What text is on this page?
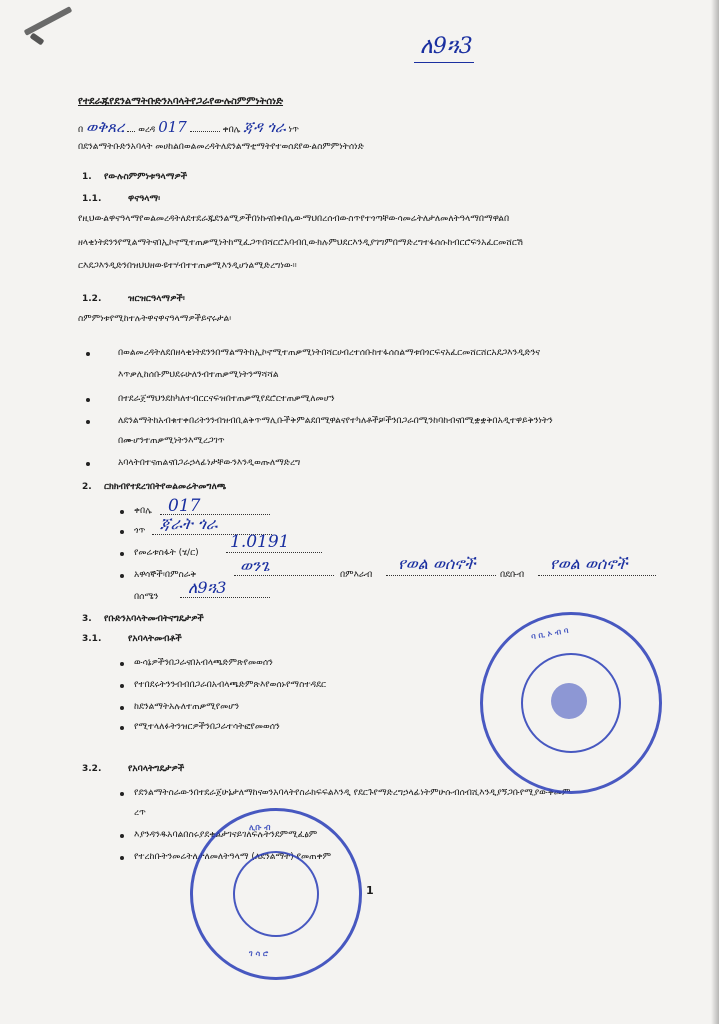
ለ9ጓ3
የተደራጁየደንልማትቡድንአባላትየጋራየውሉስምምነትሰነድ
በ ወቅጸረ ወረዳ 017	ቀበሌ ጃዳ ጎራ ነጥ
በደንልማትቡድንአባላት መሀከልበወልመረዳትለደንልማቲማትየተወሰደየውልስምምነትሰነድ
1. የውሉስምምነቱዓላማዎች
1.1.	ዋናዓላማ፡
የዚህውልዋናዓላማየወልመረዳትለደተደራጁደንልሚዎችበነኩናበቀበሌውማህበረሰብውስጥየተጎጣቸውሳመሬትለታለመለትዓላማበማዋልበ
ዘላቂነትደንንየሚልማትናበኢኮኖሚተጠቃሚነትከሚፈጋጥበሻርሮአባብቢውክሉምህደርእንዲያገግምበማድረግተፋሰሱከብርሮፍንአፈርመሸርሽ
ርእደጋእንዲድንበዝህህዘውዩተሃብተተጠቃሚእንዲሆነልሚድረግነው።
1.2.	ዝርዝርዓላማዎች፡
ስምምነቱየሚከተሉትዋናዋናዓላማዎችይኖሩታል፡
በወልመረዳትለደበዘላቂነትደንንበማልማትከኢኮኖሚተጠቃሚነትበሻርሀብረተሰቡከተፋሰስልማቱበጎርፍናአፈርመሸርሸርአደጋእንዲድንና
እጥቃሊከሰቡምህደሩሁለንብተጠቃሚነትንማሻሻል
በተደራጀማህንደከካለተብርርናፍዝበተጠቃሚየደሮርተጠቃሚለመሆን
ለደንልማትከአብቁተቀበሪትንንብዝብቢልቅጥማሊቡችቅምልደበሚዋልናየተካለቶችቻችንበጋራበሚንከባከብናበሚቋቋቅበአዲተዋይቅንነትን
በሙሆንተጠቃሚነትንእሚረጋገጥ
አባላትበተናጠልናበጋራኃላፊነታቸውንእንዲወጡለማድረግ
2. ርክክብየተደረገበትየወልመሬትመግለጫ
ቀበሌ 017
ጎጥ ጃራት ጎራ
የመሬቱስፋት (ሄ/ር)
1.0191
አዋሳኞች፡በምስራቅ	ወንጌ	በምእራብ
የወል ወሰኖች
በደቡብ
የወል ወሰኖች
በሰሜን ለ9ጓ3
3. የቡድንአባላትመብትናግዴታዎች
3.1.	የአባላትመብቶች
ውሳኔዎችንበጋራናበአብላጫድምጽየመወሰን
የተበደሩትንንብብበጋራበአብላጫድምጽእየወሰኑየማስተዳደር
ከደንልማትአሉለተጠቃሚየመሆን
የሚተላለፉትንዝርዎችንበጋራተሳትፎየመወሰን
3.2.	የአባላትግዴታዎች
የደንልማትስራውንበተደራጀሁኔታለማከናወንአባላትየስራክፍፍልእንዲ የደርጉየማድረግኃላፊነትምሁሱብሰብሺእንዲያኝጋቡየሚያውቅመም
ረጥ
እያንዳንዱአባልበስሩያደቂልታገናይገለፍሉትንደምሚፈፅም
የተረከቡትንመሬትለታለመለትዓላማ (ለደንልማት) የመጠቀም
ባ ቢ ኦ ብ ባ
ሊቡ ብ
ገ ሳ ሮ
1
